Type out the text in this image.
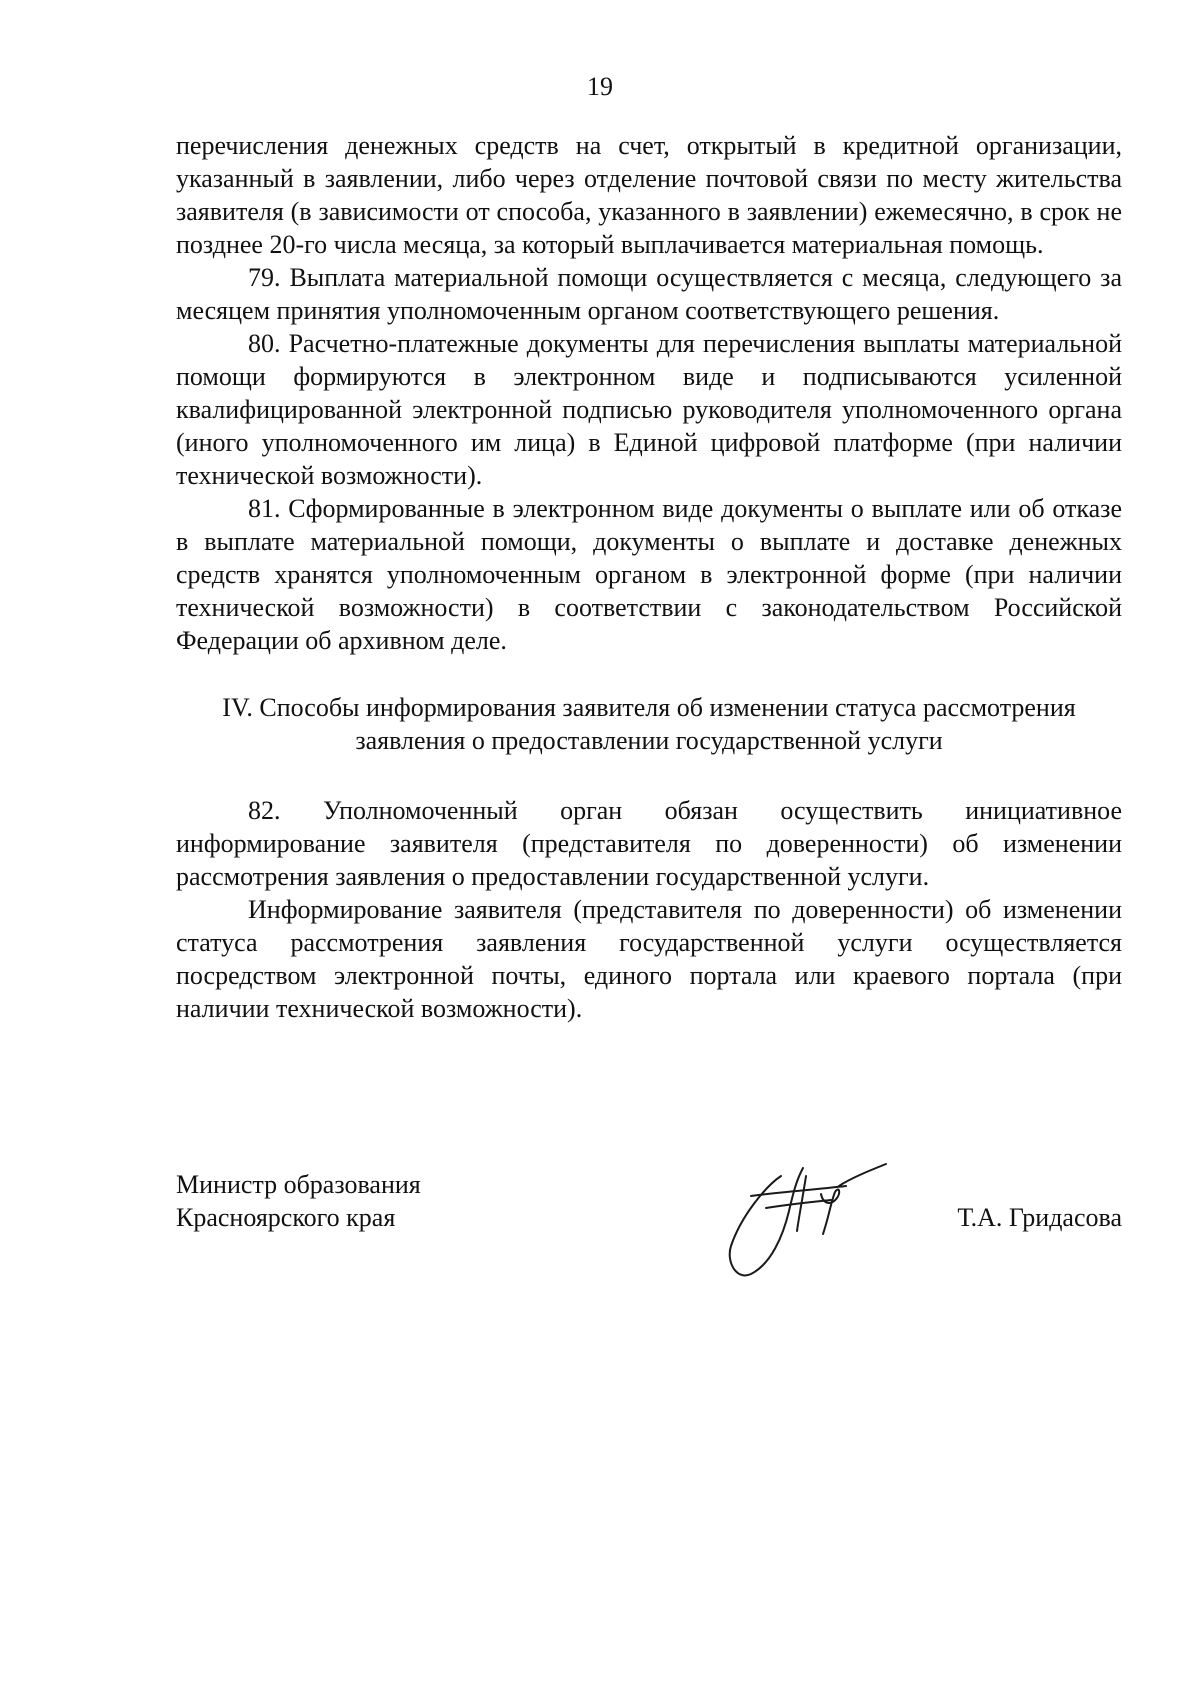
19

перечисления денежных средств на счет, открытый в кредитной организации, указанный в заявлении, либо через отделение почтовой связи по месту жительства заявителя (в зависимости от способа, указанного в заявлении) ежемесячно, в срок не позднее 20-го числа месяца, за который выплачивается материальная помощь.

79. Выплата материальной помощи осуществляется с месяца, следующего за месяцем принятия уполномоченным органом соответствующего решения.

80. Расчетно-платежные документы для перечисления выплаты материальной помощи формируются в электронном виде и подписываются усиленной квалифицированной электронной подписью руководителя уполномоченного органа (иного уполномоченного им лица) в Единой цифровой платформе (при наличии технической возможности).

81. Сформированные в электронном виде документы о выплате или об отказе в выплате материальной помощи, документы о выплате и доставке денежных средств хранятся уполномоченным органом в электронной форме (при наличии технической возможности) в соответствии с законодательством Российской Федерации об архивном деле.

IV. Способы информирования заявителя об изменении статуса рассмотрения
заявления о предоставлении государственной услуги

82. Уполномоченный орган обязан осуществить инициативное информирование заявителя (представителя по доверенности) об изменении рассмотрения заявления о предоставлении государственной услуги.

Информирование заявителя (представителя по доверенности) об изменении статуса рассмотрения заявления государственной услуги осуществляется посредством электронной почты, единого портала или краевого портала (при наличии технической возможности).

Министр образования
Красноярского края	Т.А. Гридасова
